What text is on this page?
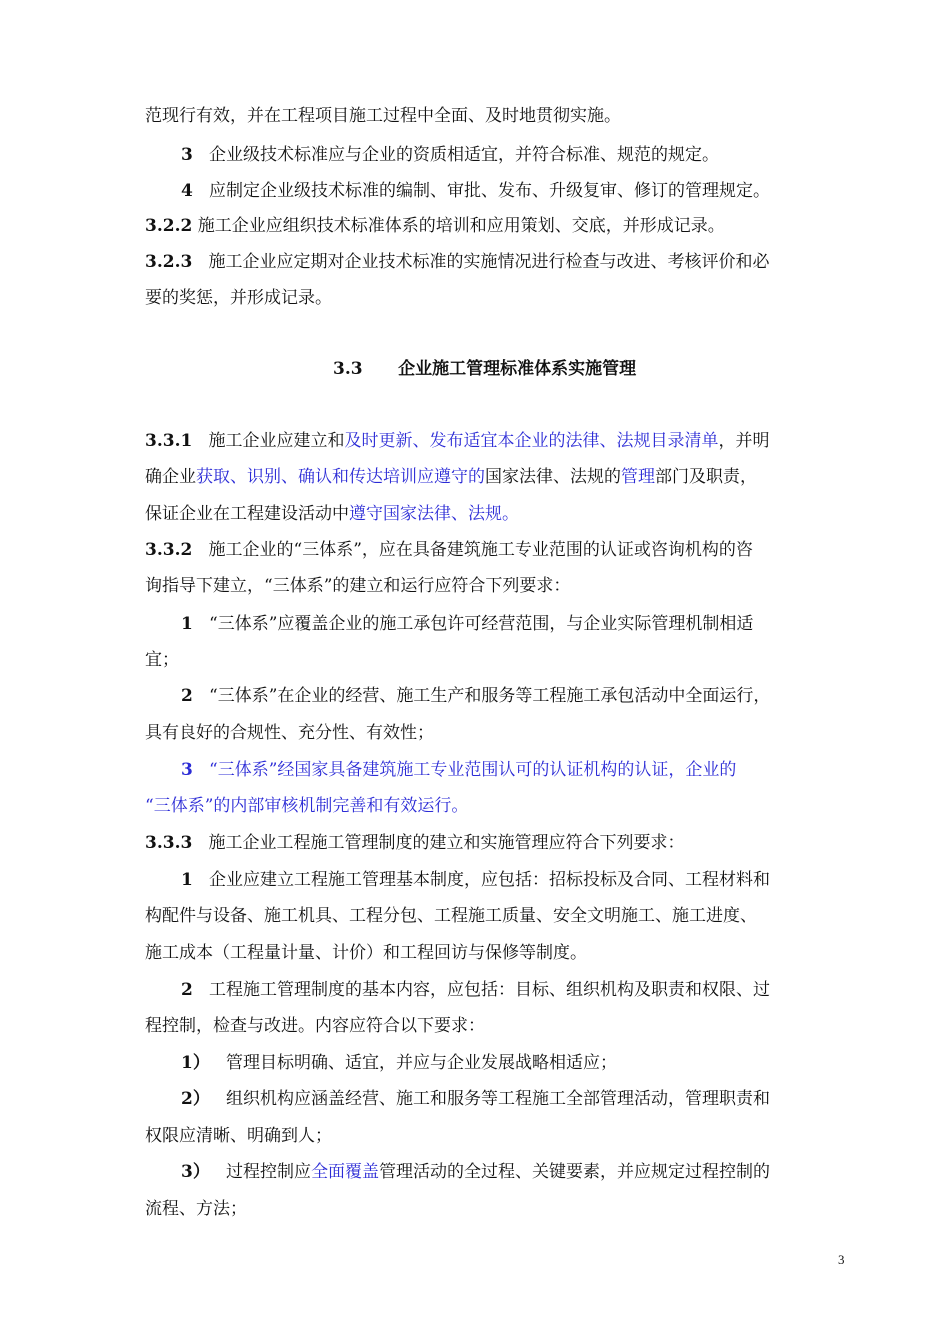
范现行有效，并在工程项目施工过程中全面、及时地贯彻实施。
3   企业级技术标准应与企业的资质相适宜，并符合标准、规范的规定。
4   应制定企业级技术标准的编制、审批、发布、升级复审、修订的管理规定。
3.2.2 施工企业应组织技术标准体系的培训和应用策划、交底，并形成记录。
3.2.3   施工企业应定期对企业技术标准的实施情况进行检查与改进、考核评价和必
要的奖惩，并形成记录。
3.3      企业施工管理标准体系实施管理
3.3.1   施工企业应建立和及时更新、发布适宜本企业的法律、法规目录清单，并明
确企业获取、识别、确认和传达培训应遵守的国家法律、法规的管理部门及职责，
保证企业在工程建设活动中遵守国家法律、法规。
3.3.2   施工企业的“三体系”，应在具备建筑施工专业范围的认证或咨询机构的咨
询指导下建立，“三体系”的建立和运行应符合下列要求：
1   “三体系”应覆盖企业的施工承包许可经营范围，与企业实际管理机制相适
宜；
2   “三体系”在企业的经营、施工生产和服务等工程施工承包活动中全面运行，
具有良好的合规性、充分性、有效性；
3   “三体系”经国家具备建筑施工专业范围认可的认证机构的认证，企业的
“三体系”的内部审核机制完善和有效运行。
3.3.3   施工企业工程施工管理制度的建立和实施管理应符合下列要求：
1   企业应建立工程施工管理基本制度，应包括：招标投标及合同、工程材料和
构配件与设备、施工机具、工程分包、工程施工质量、安全文明施工、施工进度、
施工成本（工程量计量、计价）和工程回访与保修等制度。
2   工程施工管理制度的基本内容，应包括：目标、组织机构及职责和权限、过
程控制，检查与改进。内容应符合以下要求：
1）   管理目标明确、适宜，并应与企业发展战略相适应；
2）   组织机构应涵盖经营、施工和服务等工程施工全部管理活动，管理职责和
权限应清晰、明确到人；
3）   过程控制应全面覆盖管理活动的全过程、关键要素，并应规定过程控制的
流程、方法；
3
